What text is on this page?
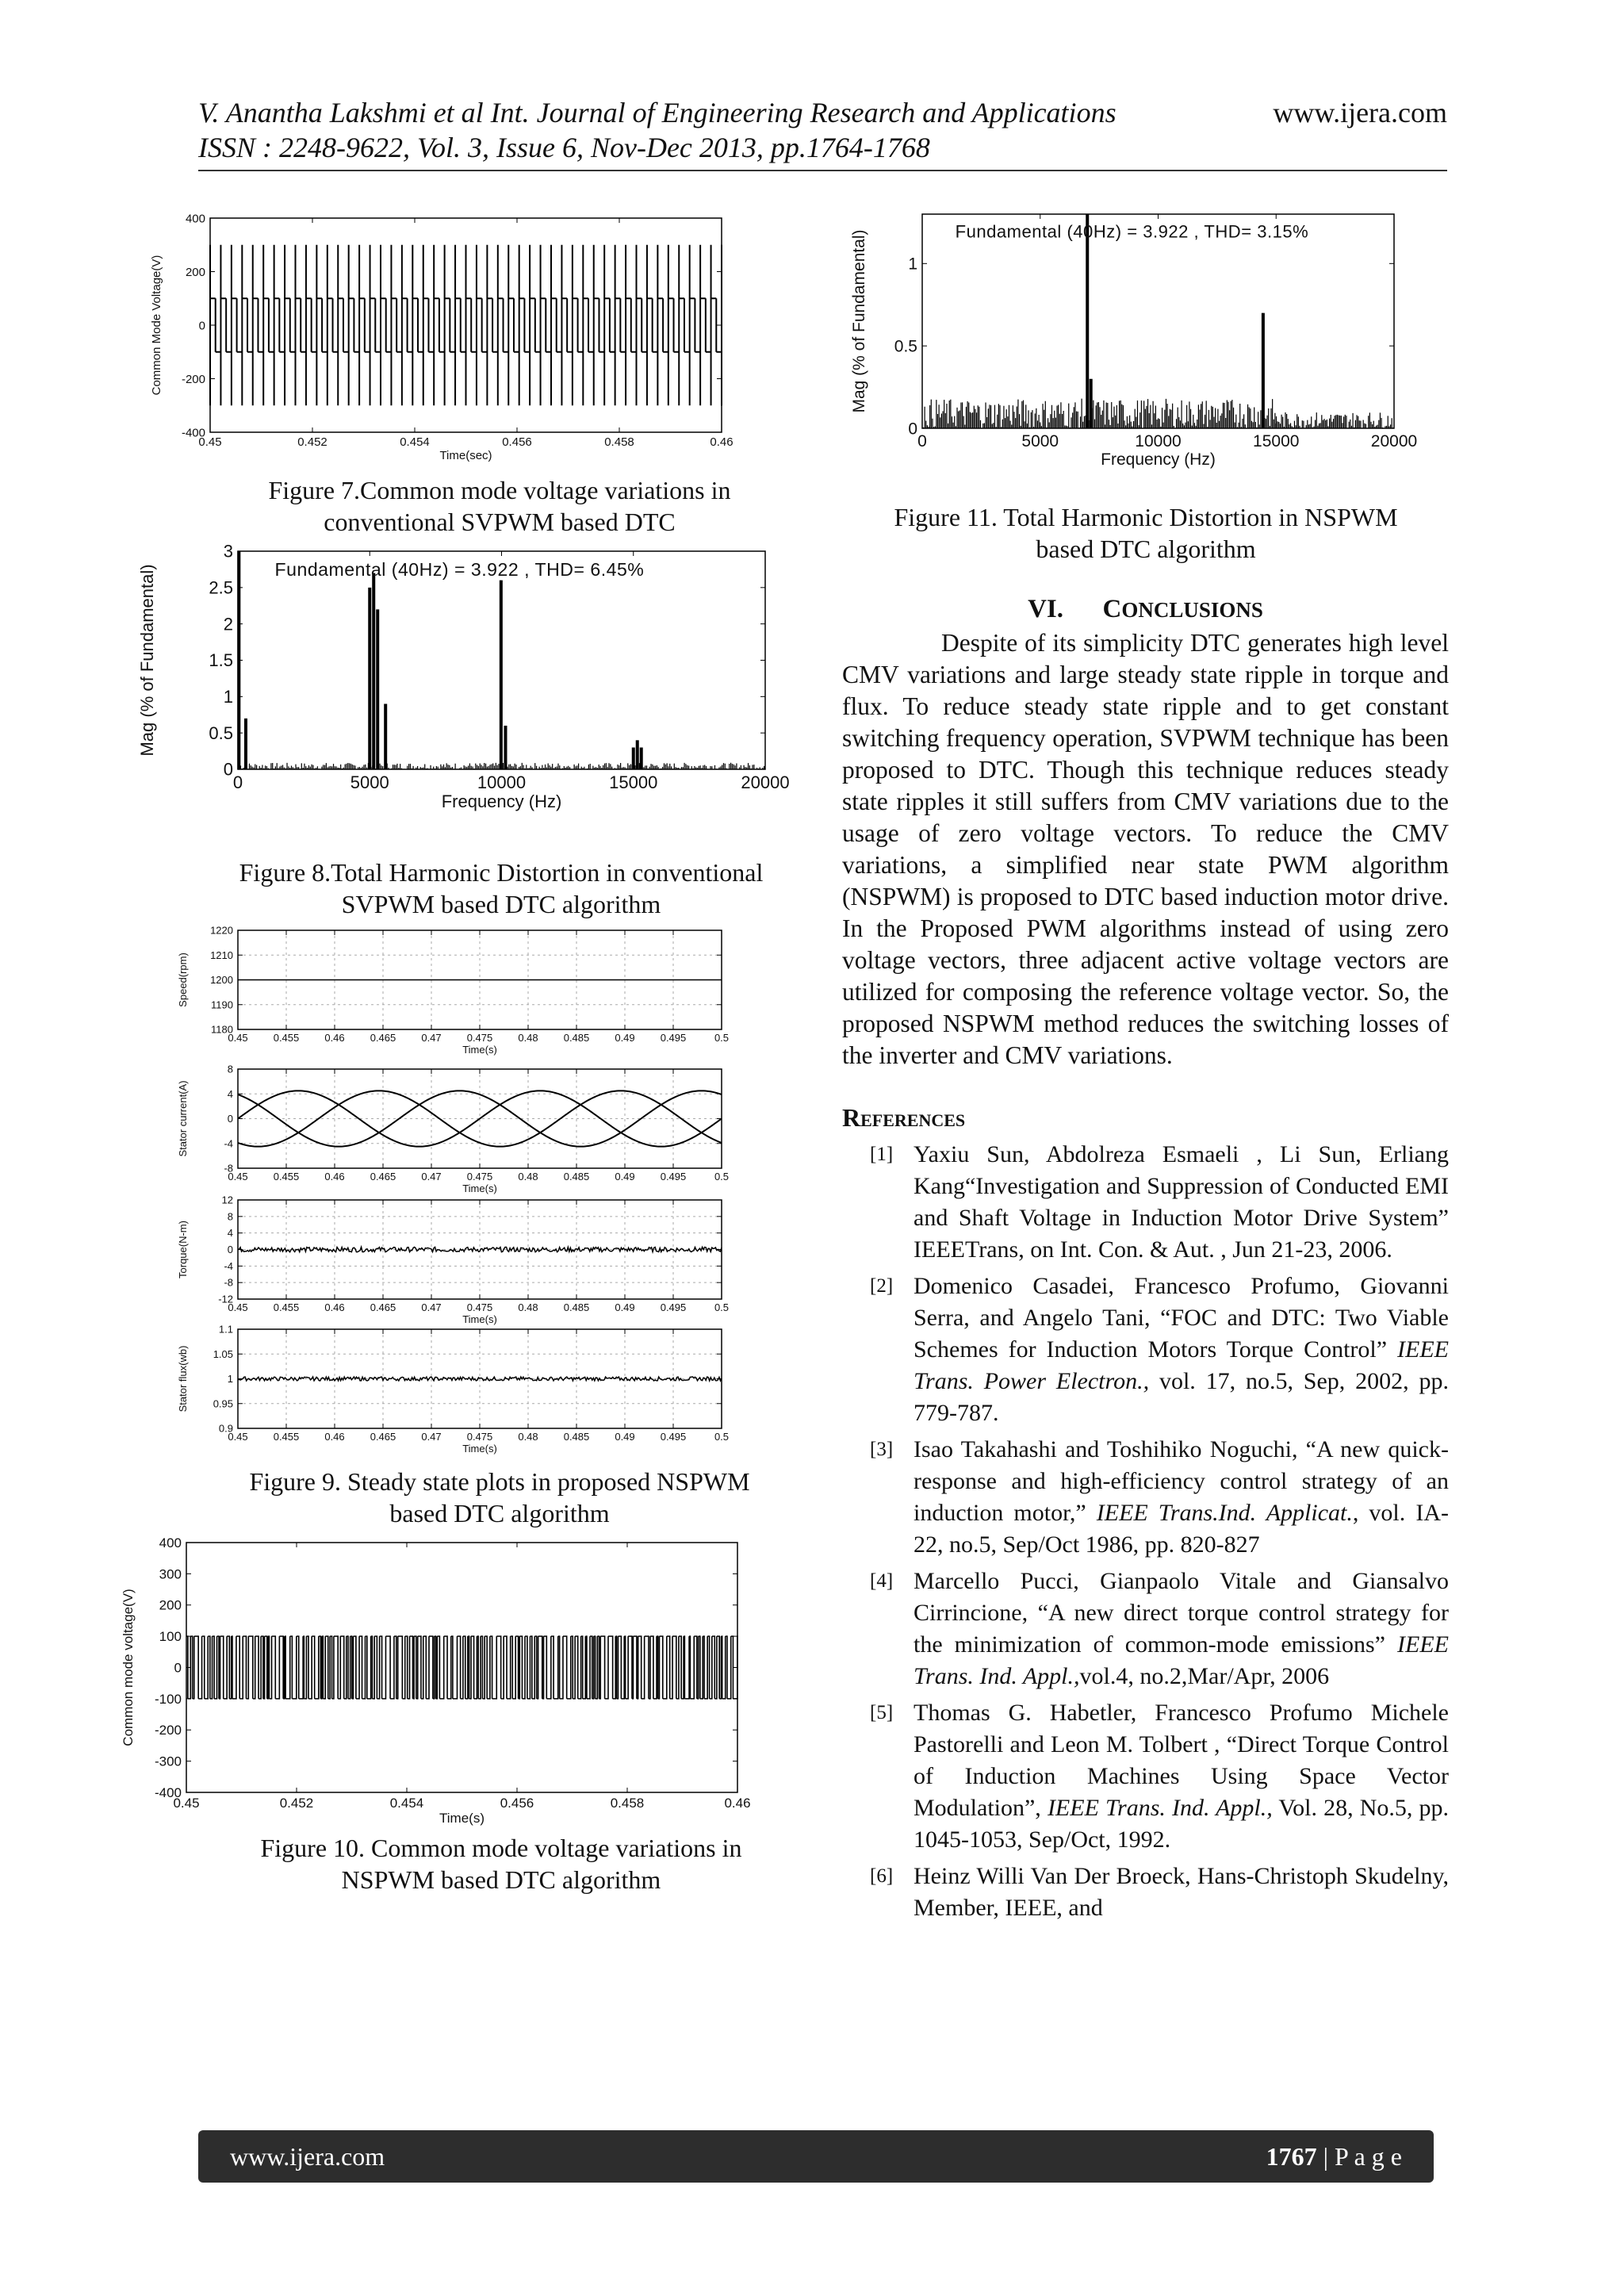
V. Anantha Lakshmi et al Int. Journal of Engineering Research and Applications	www.ijera.com
ISSN : 2248-9622, Vol. 3, Issue 6, Nov-Dec 2013, pp.1764-1768
0.45	0.452	0.454	0.456	0.458	0.46
-400
-200
0
200
400
Time(sec)
Common Mode Voltage(V)
Figure 7.Common mode voltage variations in conventional SVPWM based DTC
0	5000	10000	15000	20000
0
0.5
1
1.5
2
2.5
3
Frequency (Hz)
Mag (% of Fundamental)	Fundamental (40Hz) = 3.922 , THD= 6.45%
Figure 8.Total Harmonic Distortion in conventional SVPWM based DTC algorithm
0.45 0.455 0.46 0.465 0.47 0.475 0.48 0.485 0.49 0.495	0.5
1180
1190
1200
1210
1220
Time(s)
Speed(rpm)
0.45 0.455 0.46 0.465 0.47 0.475 0.48 0.485 0.49 0.495	0.5
-8
-4
0
4
8
Time(s)
Stator current(A)
0.45 0.455 0.46 0.465 0.47 0.475 0.48 0.485 0.49 0.495	0.5
-12
-8
-4
0
4
8
12
Time(s)
Torque(N-m)
0.45 0.455 0.46 0.465 0.47 0.475 0.48 0.485 0.49 0.495	0.5
0.9
0.95
1
1.05
1.1
Time(s)
Stator flux(wb)
Figure 9. Steady state plots in proposed NSPWM based DTC algorithm
0.45	0.452	0.454	0.456	0.458	0.46
-400
-300
-200
-100
0
100
200
300
400
Time(s)
Common mode voltage(V)
Figure 10. Common mode voltage variations in NSPWM based DTC algorithm
0	5000	10000	15000	20000
0
0.5
1
Frequency (Hz)
Mag (% of Fundamental)	Fundamental (40Hz) = 3.922 , THD= 3.15%
Figure 11. Total Harmonic Distortion in NSPWM based DTC algorithm
VI. CONCLUSIONS

Despite of its simplicity DTC generates high level CMV variations and large steady state ripple in torque and flux. To reduce steady state ripple and to get constant switching frequency operation, SVPWM technique has been proposed to DTC. Though this technique reduces steady state ripples it still suffers from CMV variations due to the usage of zero voltage vectors. To reduce the CMV variations, a simplified near state PWM algorithm (NSPWM) is proposed to DTC based induction motor drive. In the Proposed PWM algorithms instead of using zero voltage vectors, three adjacent active voltage vectors are utilized for composing the reference voltage vector. So, the proposed NSPWM method reduces the switching losses of the inverter and CMV variations.

References
[1] Yaxiu Sun, Abdolreza Esmaeli , Li Sun, Erliang Kang“Investigation and Suppression of Conducted EMI and Shaft Voltage in Induction Motor Drive System” IEEETrans, on Int. Con. & Aut. , Jun 21-23, 2006.
[2] Domenico Casadei, Francesco Profumo, Giovanni Serra, and Angelo Tani, “FOC and DTC: Two Viable Schemes for Induction Motors Torque Control” IEEE Trans. Power Electron., vol. 17, no.5, Sep, 2002, pp. 779-787.
[3] Isao Takahashi and Toshihiko Noguchi, “A new quick-response and high-efficiency control strategy of an induction motor,” IEEE Trans.Ind. Applicat., vol. IA-22, no.5, Sep/Oct 1986, pp. 820-827
[4] Marcello Pucci, Gianpaolo Vitale and Giansalvo Cirrincione, “A new direct torque control strategy for the minimization of common-mode emissions” IEEE Trans. Ind. Appl.,vol.4, no.2,Mar/Apr, 2006
[5] Thomas G. Habetler, Francesco Profumo Michele Pastorelli and Leon M. Tolbert , “Direct Torque Control of Induction Machines Using Space Vector Modulation”, IEEE Trans. Ind. Appl., Vol. 28, No.5, pp. 1045-1053, Sep/Oct, 1992.
[6] Heinz Willi Van Der Broeck, Hans-Christoph Skudelny, Member, IEEE, and
www.ijera.com	1767 | P a g e
